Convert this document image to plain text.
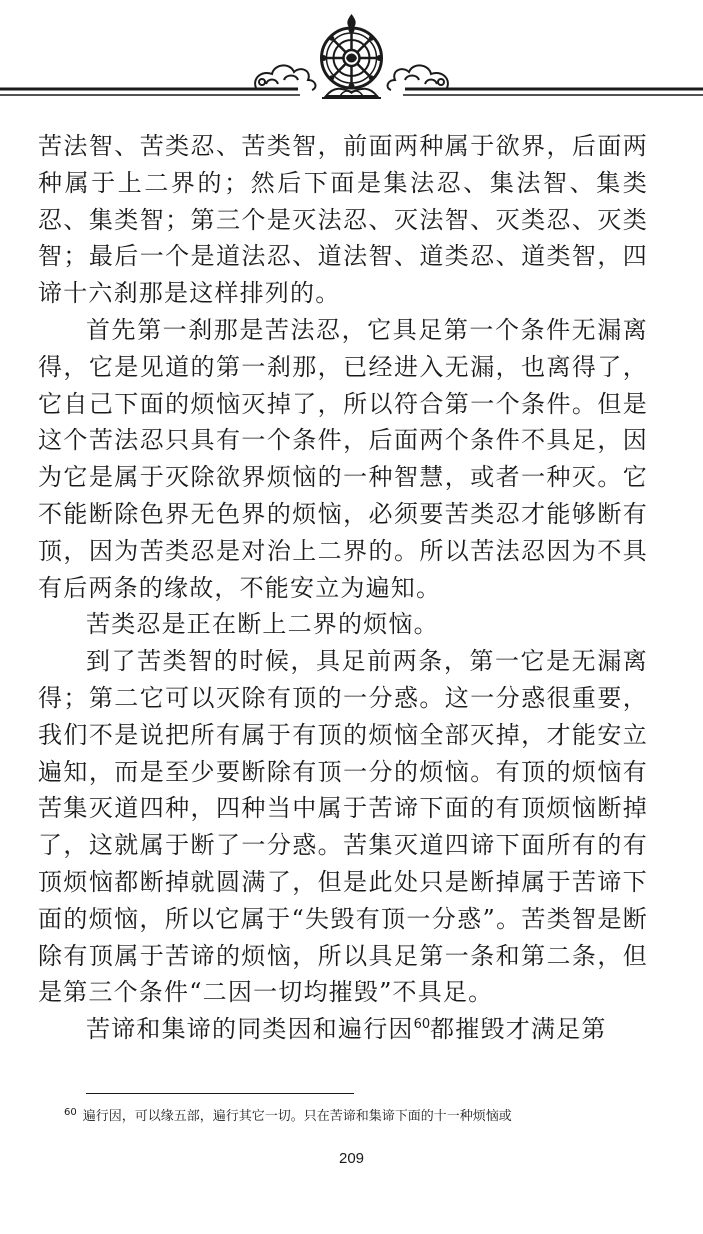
苦法智、苦类忍、苦类智，前面两种属于欲界，后面两种属于上二界的；然后下面是集法忍、集法智、集类忍、集类智；第三个是灭法忍、灭法智、灭类忍、灭类智；最后一个是道法忍、道法智、道类忍、道类智，四谛十六刹那是这样排列的。

首先第一刹那是苦法忍，它具足第一个条件无漏离得，它是见道的第一刹那，已经进入无漏，也离得了，它自己下面的烦恼灭掉了，所以符合第一个条件。但是这个苦法忍只具有一个条件，后面两个条件不具足，因为它是属于灭除欲界烦恼的一种智慧，或者一种灭。它不能断除色界无色界的烦恼，必须要苦类忍才能够断有顶，因为苦类忍是对治上二界的。所以苦法忍因为不具有后两条的缘故，不能安立为遍知。

苦类忍是正在断上二界的烦恼。

到了苦类智的时候，具足前两条，第一它是无漏离得；第二它可以灭除有顶的一分惑。这一分惑很重要，我们不是说把所有属于有顶的烦恼全部灭掉，才能安立遍知，而是至少要断除有顶一分的烦恼。有顶的烦恼有苦集灭道四种，四种当中属于苦谛下面的有顶烦恼断掉了，这就属于断了一分惑。苦集灭道四谛下面所有的有顶烦恼都断掉就圆满了，但是此处只是断掉属于苦谛下面的烦恼，所以它属于“失毁有顶一分惑”。苦类智是断除有顶属于苦谛的烦恼，所以具足第一条和第二条，但是第三个条件“二因一切均摧毁”不具足。

苦谛和集谛的同类因和遍行因$^{60}$都摧毁才满足第

$^{60}$ 遍行因，可以缘五部，遍行其它一切。只在苦谛和集谛下面的十一种烦恼或
209
